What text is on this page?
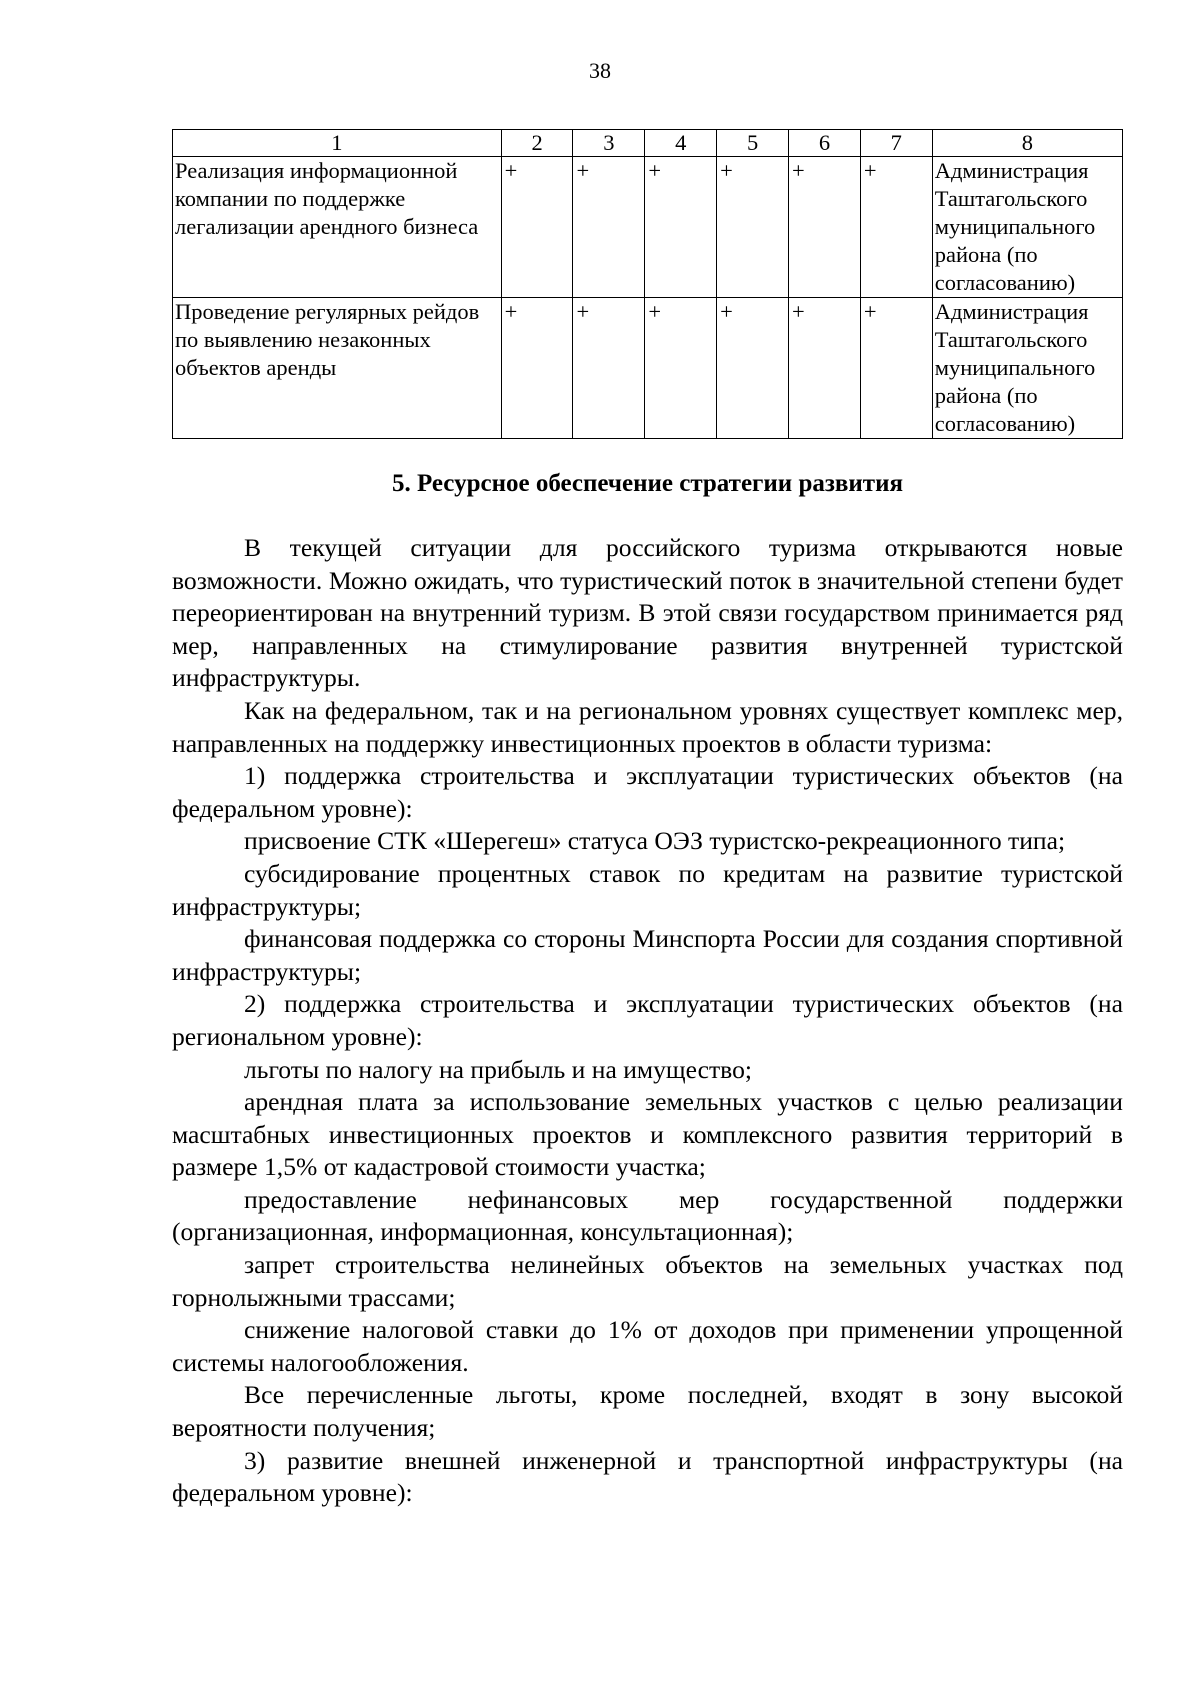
38
1	2	3	4	5	6	7	8
Реализация информационной компании по поддержке легализации арендного бизнеса	+	+	+	+	+	+	Администрация Таштагольского муниципального района (по согласованию)
Проведение регулярных рейдов по выявлению незаконных объектов аренды	+	+	+	+	+	+	Администрация Таштагольского муниципального района (по согласованию)
5. Ресурсное обеспечение стратегии развития

В текущей ситуации для российского туризма открываются новые возможности. Можно ожидать, что туристический поток в значительной степени будет переориентирован на внутренний туризм. В этой связи государством принимается ряд мер, направленных на стимулирование развития внутренней туристской инфраструктуры.

Как на федеральном, так и на региональном уровнях существует комплекс мер, направленных на поддержку инвестиционных проектов в области туризма:

1) поддержка строительства и эксплуатации туристических объектов (на федеральном уровне):

присвоение СТК «Шерегеш» статуса ОЭЗ туристско-рекреационного типа;

субсидирование процентных ставок по кредитам на развитие туристской инфраструктуры;

финансовая поддержка со стороны Минспорта России для создания спортивной инфраструктуры;

2) поддержка строительства и эксплуатации туристических объектов (на региональном уровне):

льготы по налогу на прибыль и на имущество;

арендная плата за использование земельных участков с целью реализации масштабных инвестиционных проектов и комплексного развития территорий в размере 1,5% от кадастровой стоимости участка;

предоставление нефинансовых мер государственной поддержки (организационная, информационная, консультационная);

запрет строительства нелинейных объектов на земельных участках под горнолыжными трассами;

снижение налоговой ставки до 1% от доходов при применении упрощенной системы налогообложения.

Все перечисленные льготы, кроме последней, входят в зону высокой вероятности получения;

3) развитие внешней инженерной и транспортной инфраструктуры (на федеральном уровне):
